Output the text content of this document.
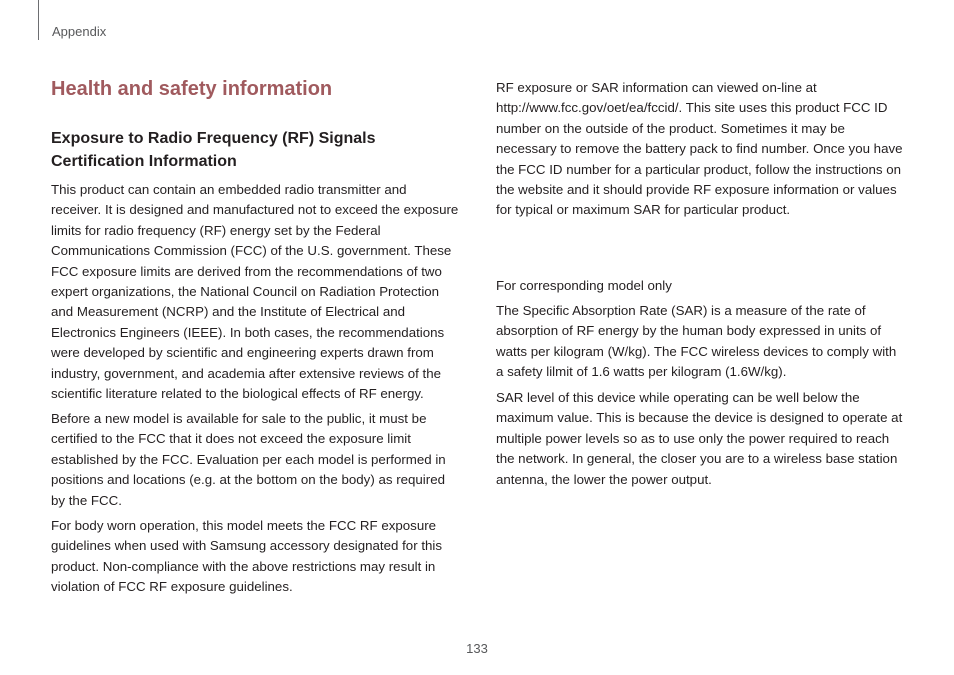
Appendix
Health and safety information
Exposure to Radio Frequency (RF) Signals Certification Information

This product can contain an embedded radio transmitter and receiver. It is designed and manufactured not to exceed the exposure limits for radio frequency (RF) energy set by the Federal Communications Commission (FCC) of the U.S. government. These FCC exposure limits are derived from the recommendations of two expert organizations, the National Council on Radiation Protection and Measurement (NCRP) and the Institute of Electrical and Electronics Engineers (IEEE). In both cases, the recommendations were developed by scientific and engineering experts drawn from industry, government, and academia after extensive reviews of the scientific literature related to the biological effects of RF energy.

Before a new model is available for sale to the public, it must be certified to the FCC that it does not exceed the exposure limit established by the FCC. Evaluation per each model is performed in positions and locations (e.g. at the bottom on the body) as required by the FCC.

For body worn operation, this model meets the FCC RF exposure guidelines when used with Samsung accessory designated for this product. Non-compliance with the above restrictions may result in violation of FCC RF exposure guidelines.

RF exposure or SAR information can viewed on-line at http://www.fcc.gov/oet/ea/fccid/. This site uses this product FCC ID number on the outside of the product. Sometimes it may be necessary to remove the battery pack to find number. Once you have the FCC ID number for a particular product, follow the instructions on the website and it should provide RF exposure information or values for typical or maximum SAR for particular product.

For corresponding model only

The Specific Absorption Rate (SAR) is a measure of the rate of absorption of RF energy by the human body expressed in units of watts per kilogram (W/kg). The FCC wireless devices to comply with a safety lilmit of 1.6 watts per kilogram (1.6W/kg).

SAR level of this device while operating can be well below the maximum value. This is because the device is designed to operate at multiple power levels so as to use only the power required to reach the network. In general, the closer you are to a wireless base station antenna, the lower the power output.

133
